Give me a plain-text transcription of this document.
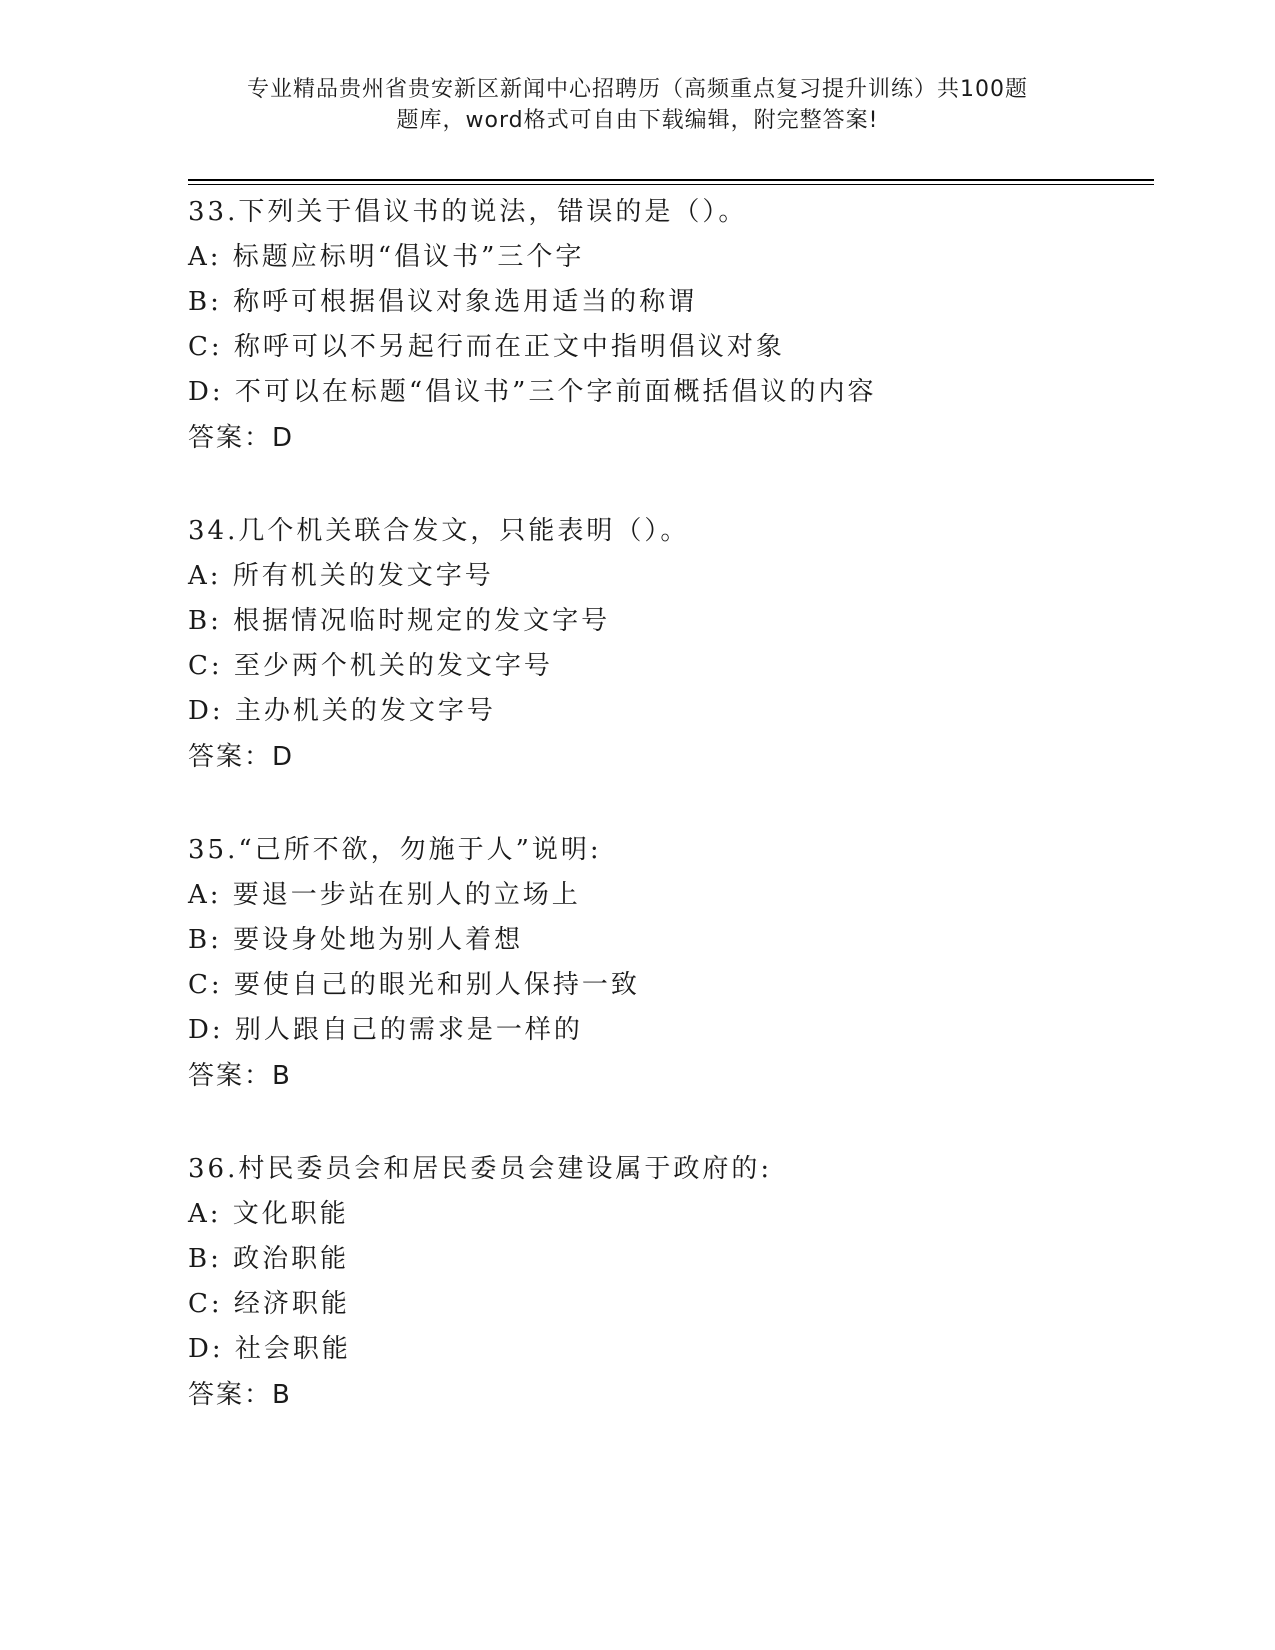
专业精品贵州省贵安新区新闻中心招聘历（高频重点复习提升训练）共100题
题库，word格式可自由下载编辑，附完整答案!
33.下列关于倡议书的说法，错误的是（）。
A: 标题应标明“倡议书”三个字
B: 称呼可根据倡议对象选用适当的称谓
C: 称呼可以不另起行而在正文中指明倡议对象
D: 不可以在标题“倡议书”三个字前面概括倡议的内容
答案：D
34.几个机关联合发文，只能表明（）。
A: 所有机关的发文字号
B: 根据情况临时规定的发文字号
C: 至少两个机关的发文字号
D: 主办机关的发文字号
答案：D
35.“己所不欲，勿施于人”说明:
A: 要退一步站在别人的立场上
B: 要设身处地为别人着想
C: 要使自己的眼光和别人保持一致
D: 别人跟自己的需求是一样的
答案：B
36.村民委员会和居民委员会建设属于政府的:
A: 文化职能
B: 政治职能
C: 经济职能
D: 社会职能
答案：B
